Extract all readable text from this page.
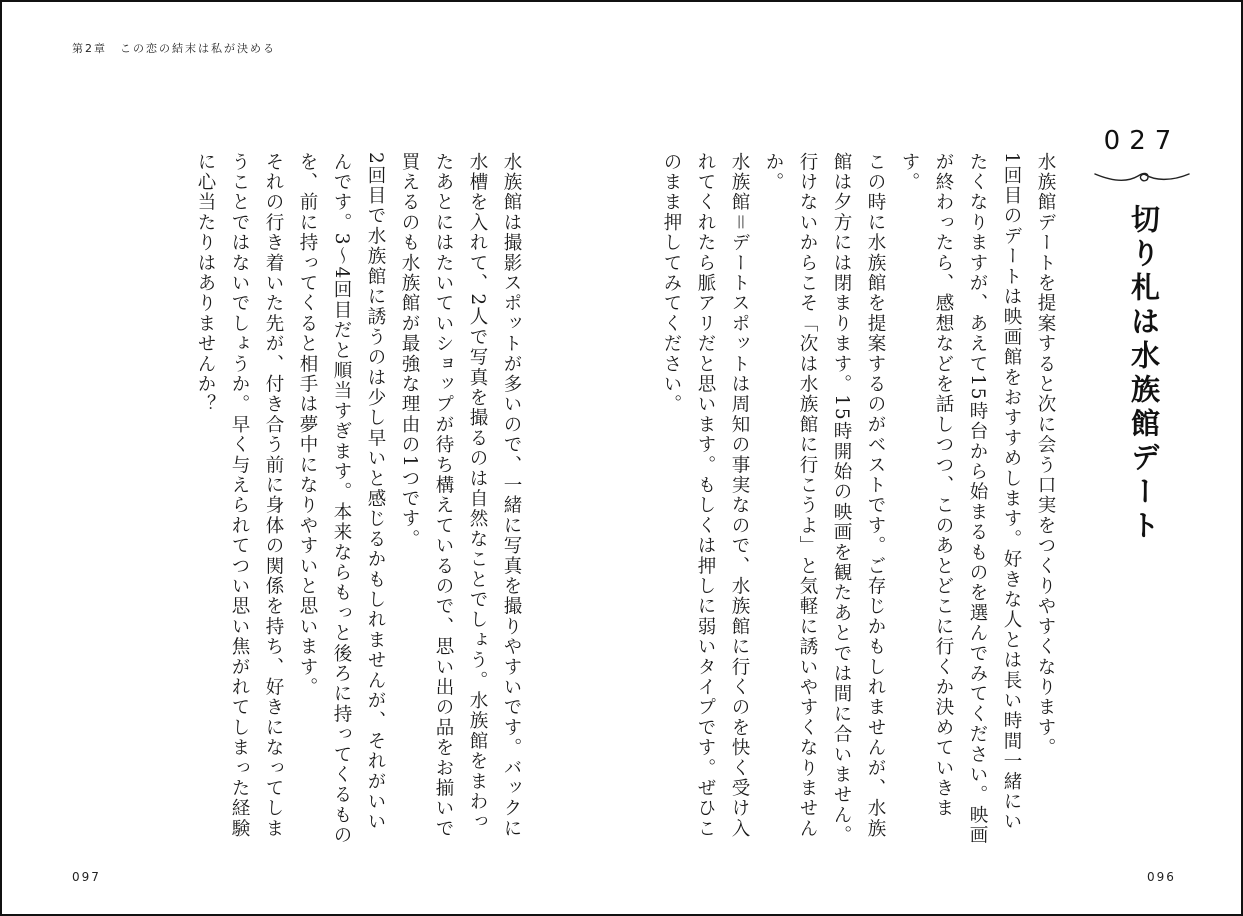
第2章　この恋の結末は私が決める
027
切り札は水族館デート

水族館デートを提案すると次に会う口実をつくりやすくなります。

1回目のデートは映画館をおすすめします。好きな人とは長い時間一緒にいたくなりますが、あえて15時台から始まるものを選んでみてください。映画が終わったら、感想などを話しつつ、このあとどこに行くか決めていきます。

この時に水族館を提案するのがベストです。ご存じかもしれませんが、水族館は夕方には閉まります。15時開始の映画を観たあとでは間に合いません。行けないからこそ「次は水族館に行こうよ」と気軽に誘いやすくなりませんか。

水族館＝デートスポットは周知の事実なので、水族館に行くのを快く受け入れてくれたら脈アリだと思います。もしくは押しに弱いタイプです。ぜひこのまま押してみてください。

水族館は撮影スポットが多いので、一緒に写真を撮りやすいです。バックに水槽を入れて、2人で写真を撮るのは自然なことでしょう。水族館をまわったあとにはたいていショップが待ち構えているので、思い出の品をお揃いで買えるのも水族館が最強な理由の1つです。

2回目で水族館に誘うのは少し早いと感じるかもしれませんが、それがいいんです。3〜4回目だと順当すぎます。本来ならもっと後ろに持ってくるものを、前に持ってくると相手は夢中になりやすいと思います。

それの行き着いた先が、付き合う前に身体の関係を持ち、好きになってしまうことではないでしょうか。早く与えられてつい思い焦がれてしまった経験に心当たりはありませんか？

097	096
